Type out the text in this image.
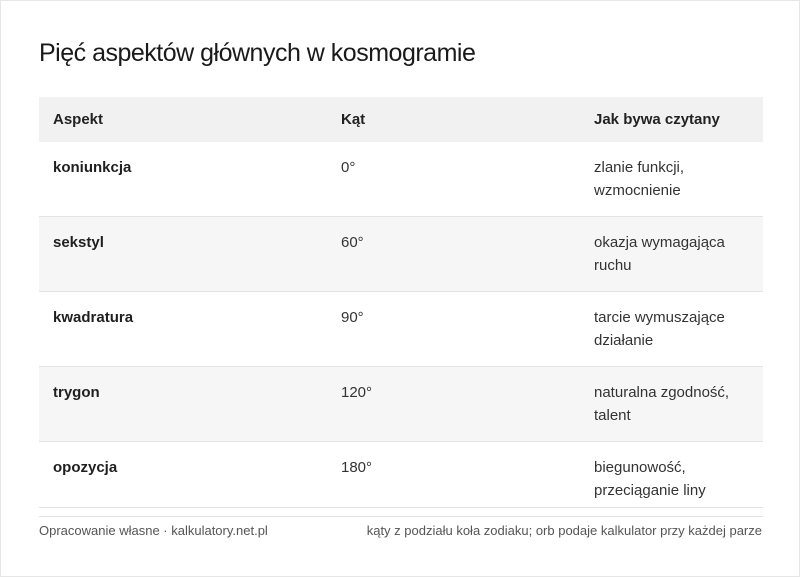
Pięć aspektów głównych w kosmogramie
Aspekt	Kąt	Jak bywa czytany
koniunkcja	0°	zlanie funkcji,
wzmocnienie
sekstyl	60°	okazja wymagająca ruchu
kwadratura	90°	tarcie wymuszające
działanie
trygon	120°	naturalna zgodność,
talent
opozycja	180°	biegunowość,
przeciąganie liny
Opracowanie własne · kalkulatory.net.pl	kąty z podziału koła zodiaku; orb podaje kalkulator przy każdej parze
